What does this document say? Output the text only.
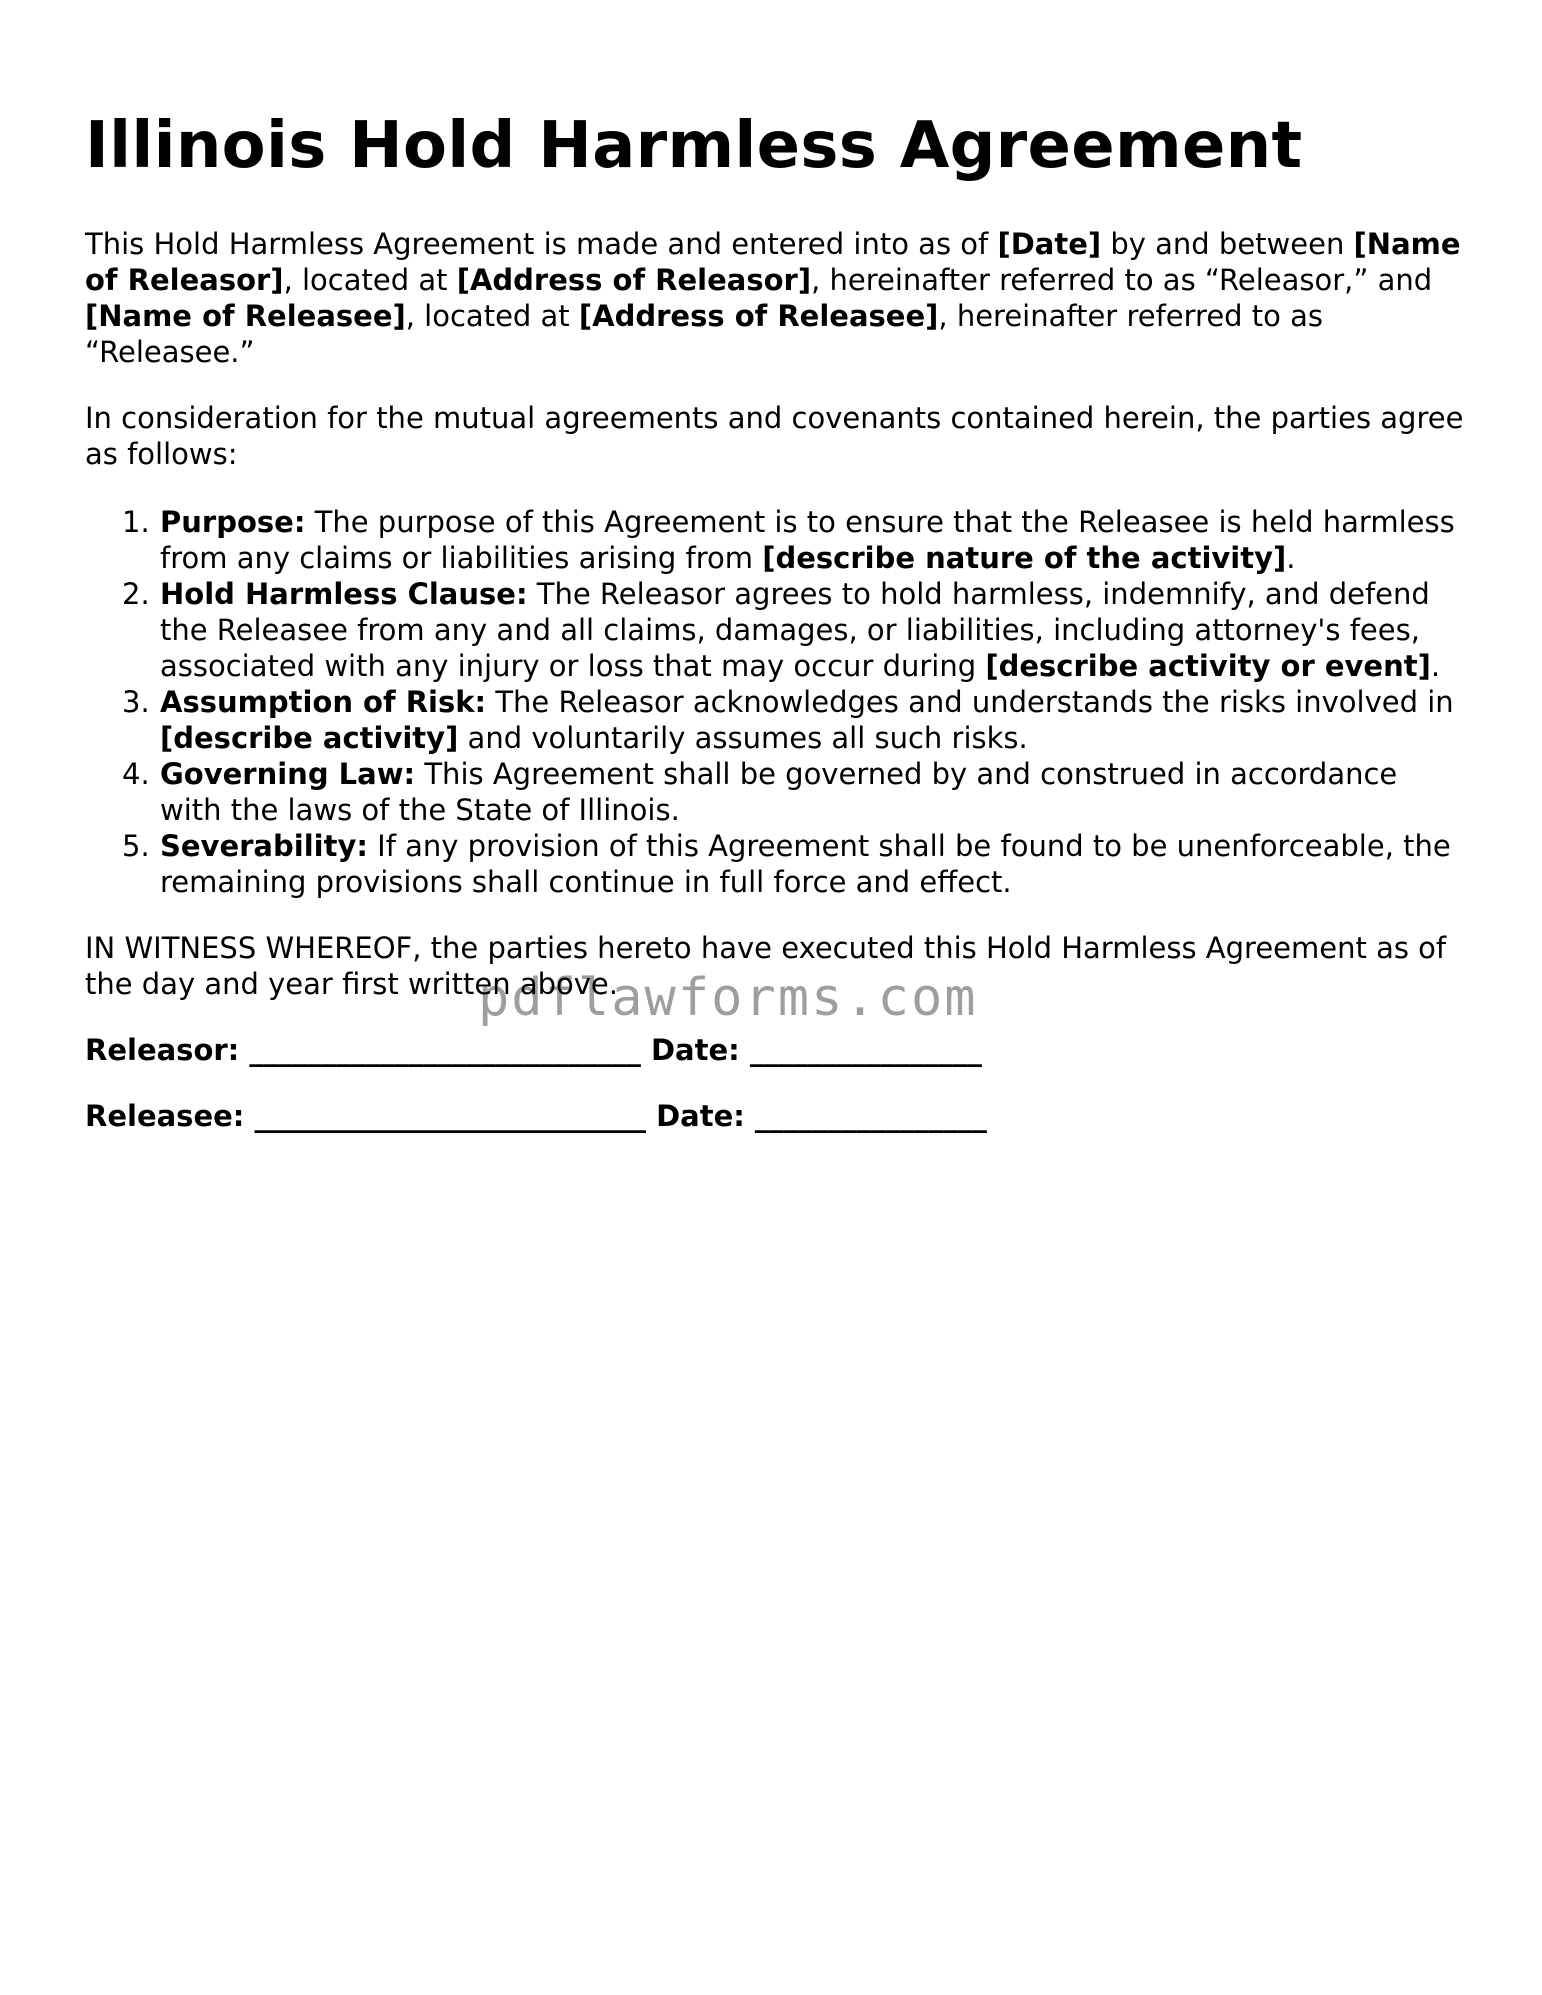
Illinois Hold Harmless Agreement

This Hold Harmless Agreement is made and entered into as of [Date] by and between [Name of Releasor], located at [Address of Releasor], hereinafter referred to as “Releasor,” and [Name of Releasee], located at [Address of Releasee], hereinafter referred to as “Releasee.”

In consideration for the mutual agreements and covenants contained herein, the parties agree as follows:

1. Purpose: The purpose of this Agreement is to ensure that the Releasee is held harmless from any claims or liabilities arising from [describe nature of the activity].
2. Hold Harmless Clause: The Releasor agrees to hold harmless, indemnify, and defend the Releasee from any and all claims, damages, or liabilities, including attorney's fees, associated with any injury or loss that may occur during [describe activity or event].
3. Assumption of Risk: The Releasor acknowledges and understands the risks involved in [describe activity] and voluntarily assumes all such risks.
4. Governing Law: This Agreement shall be governed by and construed in accordance with the laws of the State of Illinois.
5. Severability: If any provision of this Agreement shall be found to be unenforceable, the remaining provisions shall continue in full force and effect.

IN WITNESS WHEREOF, the parties hereto have executed this Hold Harmless Agreement as of the day and year first written above.

Releasor: ___________________________ Date: ________________

Releasee: ___________________________ Date: ________________

pdflawforms.com
